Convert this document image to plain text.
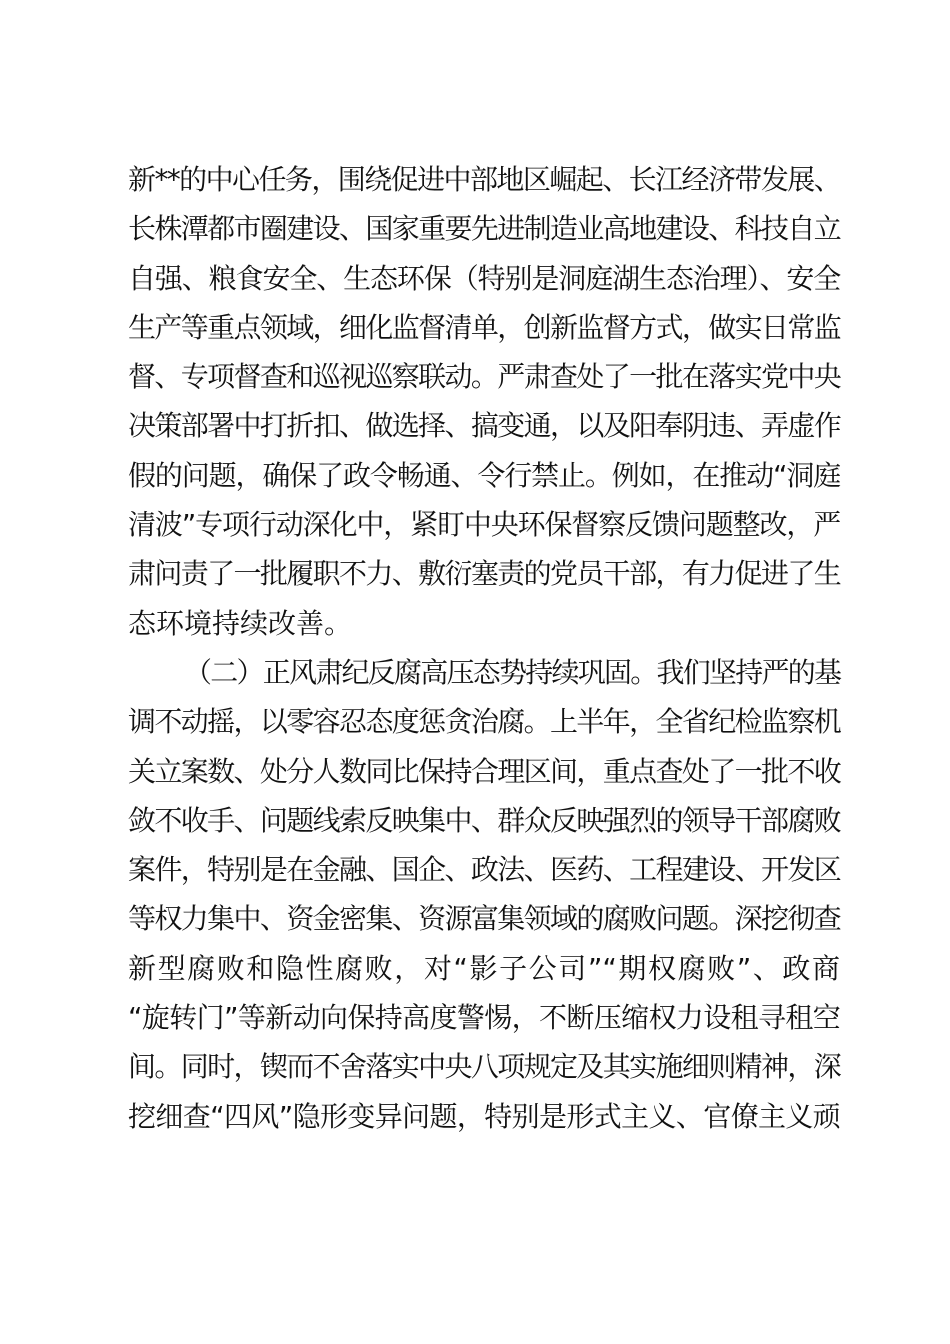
新**的中心任务，围绕促进中部地区崛起、长江经济带发展、
长株潭都市圈建设、国家重要先进制造业高地建设、科技自立
自强、粮食安全、生态环保（特别是洞庭湖生态治理）、安全
生产等重点领域，细化监督清单，创新监督方式，做实日常监
督、专项督查和巡视巡察联动。严肃查处了一批在落实党中央
决策部署中打折扣、做选择、搞变通，以及阳奉阴违、弄虚作
假的问题，确保了政令畅通、令行禁止。例如，在推动“洞庭
清波”专项行动深化中，紧盯中央环保督察反馈问题整改，严
肃问责了一批履职不力、敷衍塞责的党员干部，有力促进了生
态环境持续改善。
（二）正风肃纪反腐高压态势持续巩固。我们坚持严的基
调不动摇，以零容忍态度惩贪治腐。上半年，全省纪检监察机
关立案数、处分人数同比保持合理区间，重点查处了一批不收
敛不收手、问题线索反映集中、群众反映强烈的领导干部腐败
案件，特别是在金融、国企、政法、医药、工程建设、开发区
等权力集中、资金密集、资源富集领域的腐败问题。深挖彻查
新型腐败和隐性腐败，对“影子公司”“期权腐败”、政商
“旋转门”等新动向保持高度警惕，不断压缩权力设租寻租空
间。同时，锲而不舍落实中央八项规定及其实施细则精神，深
挖细查“四风”隐形变异问题，特别是形式主义、官僚主义顽
